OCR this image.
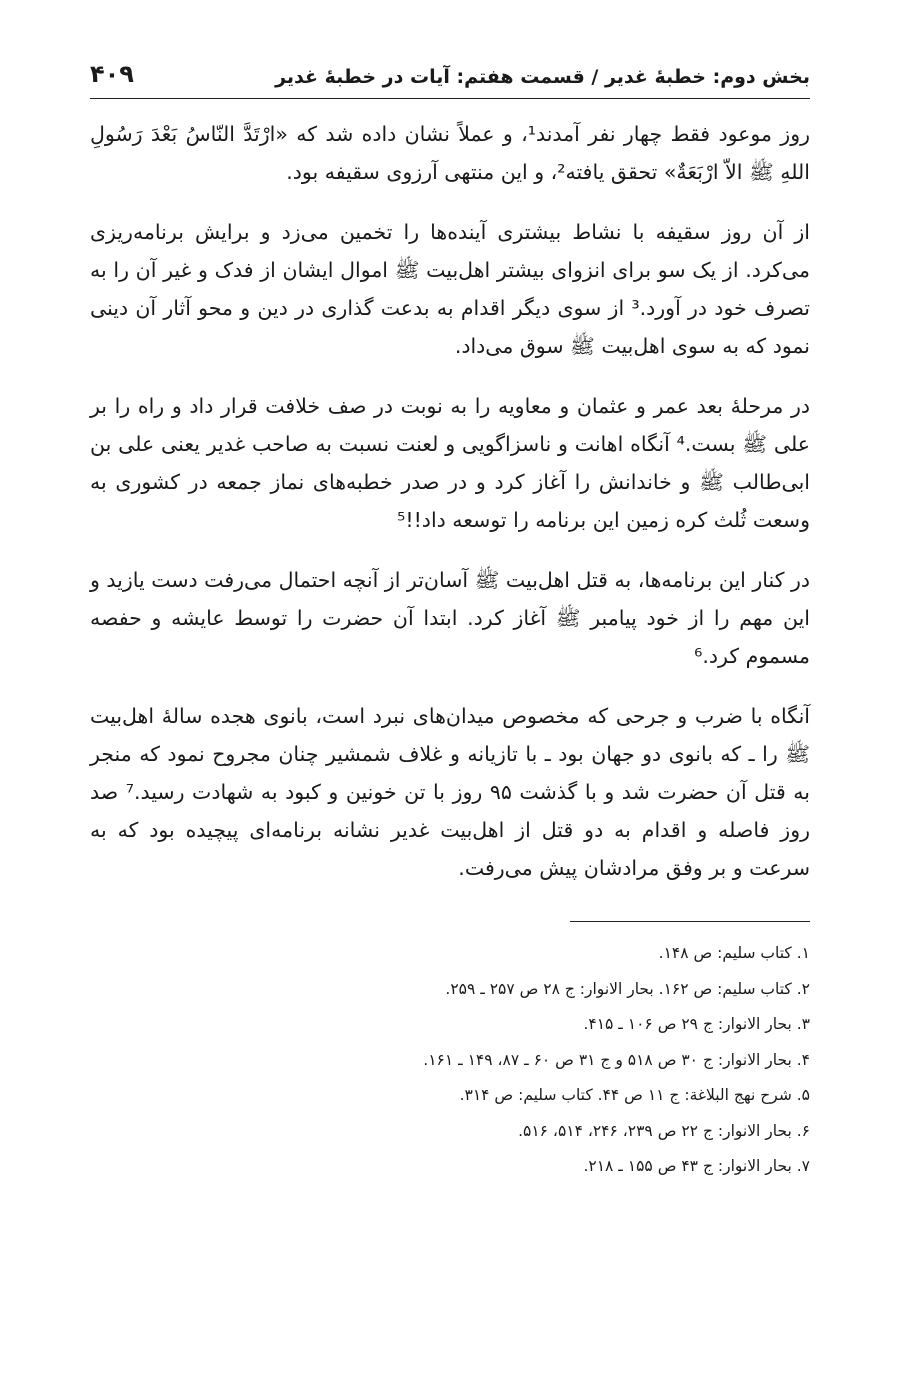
بخش دوم: خطبهٔ غدیر / قسمت هفتم: آیات در خطبهٔ غدیر
۴۰۹

روز موعود فقط چهار نفر آمدند¹، و عملاً نشان داده شد که «ارْتَدَّ النّاسُ بَعْدَ رَسُولِ اللهِ ﷺ الاّ ارْبَعَةٌ» تحقق یافته²، و این منتهی آرزوی سقیفه بود.

از آن روز سقیفه با نشاط بیشتری آینده‌ها را تخمین می‌زد و برایش برنامه‌ریزی می‌کرد. از یک سو برای انزوای بیشتر اهل‌بیت ﷺ اموال ایشان از فدک و غیر آن را به تصرف خود در آورد.³ از سوی دیگر اقدام به بدعت گذاری در دین و محو آثار آن دینی نمود که به سوی اهل‌بیت ﷺ سوق می‌داد.

در مرحلهٔ بعد عمر و عثمان و معاویه را به نوبت در صف خلافت قرار داد و راه را بر علی ﷺ بست.⁴ آنگاه اهانت و ناسزاگویی و لعنت نسبت به صاحب غدیر یعنی علی بن ابی‌طالب ﷺ و خاندانش را آغاز کرد و در صدر خطبه‌های نماز جمعه در کشوری به وسعت ثُلث کره زمین این برنامه را توسعه داد!!⁵

در کنار این برنامه‌ها، به قتل اهل‌بیت ﷺ آسان‌تر از آنچه احتمال می‌رفت دست یازید و این مهم را از خود پیامبر ﷺ آغاز کرد. ابتدا آن حضرت را توسط عایشه و حفصه مسموم کرد.⁶

آنگاه با ضرب و جرحی که مخصوص میدان‌های نبرد است، بانوی هجده سالهٔ اهل‌بیت ﷺ را ـ که بانوی دو جهان بود ـ با تازیانه و غلاف شمشیر چنان مجروح نمود که منجر به قتل آن حضرت شد و با گذشت ۹۵ روز با تن خونین و کبود به شهادت رسید.⁷ صد روز فاصله و اقدام به دو قتل از اهل‌بیت غدیر نشانه برنامه‌ای پیچیده بود که به سرعت و بر وفق مرادشان پیش می‌رفت.

۱. کتاب سلیم: ص ۱۴۸.
۲. کتاب سلیم: ص ۱۶۲. بحار الانوار: ج ۲۸ ص ۲۵۷ ـ ۲۵۹.
۳. بحار الانوار: ج ۲۹ ص ۱۰۶ ـ ۴۱۵.
۴. بحار الانوار: ج ۳۰ ص ۵۱۸ و ج ۳۱ ص ۶۰ ـ ۸۷، ۱۴۹ ـ ۱۶۱.
۵. شرح نهج البلاغة: ج ۱۱ ص ۴۴. کتاب سلیم: ص ۳۱۴.
۶. بحار الانوار: ج ۲۲ ص ۲۳۹، ۲۴۶، ۵۱۴، ۵۱۶.
۷. بحار الانوار: ج ۴۳ ص ۱۵۵ ـ ۲۱۸.
